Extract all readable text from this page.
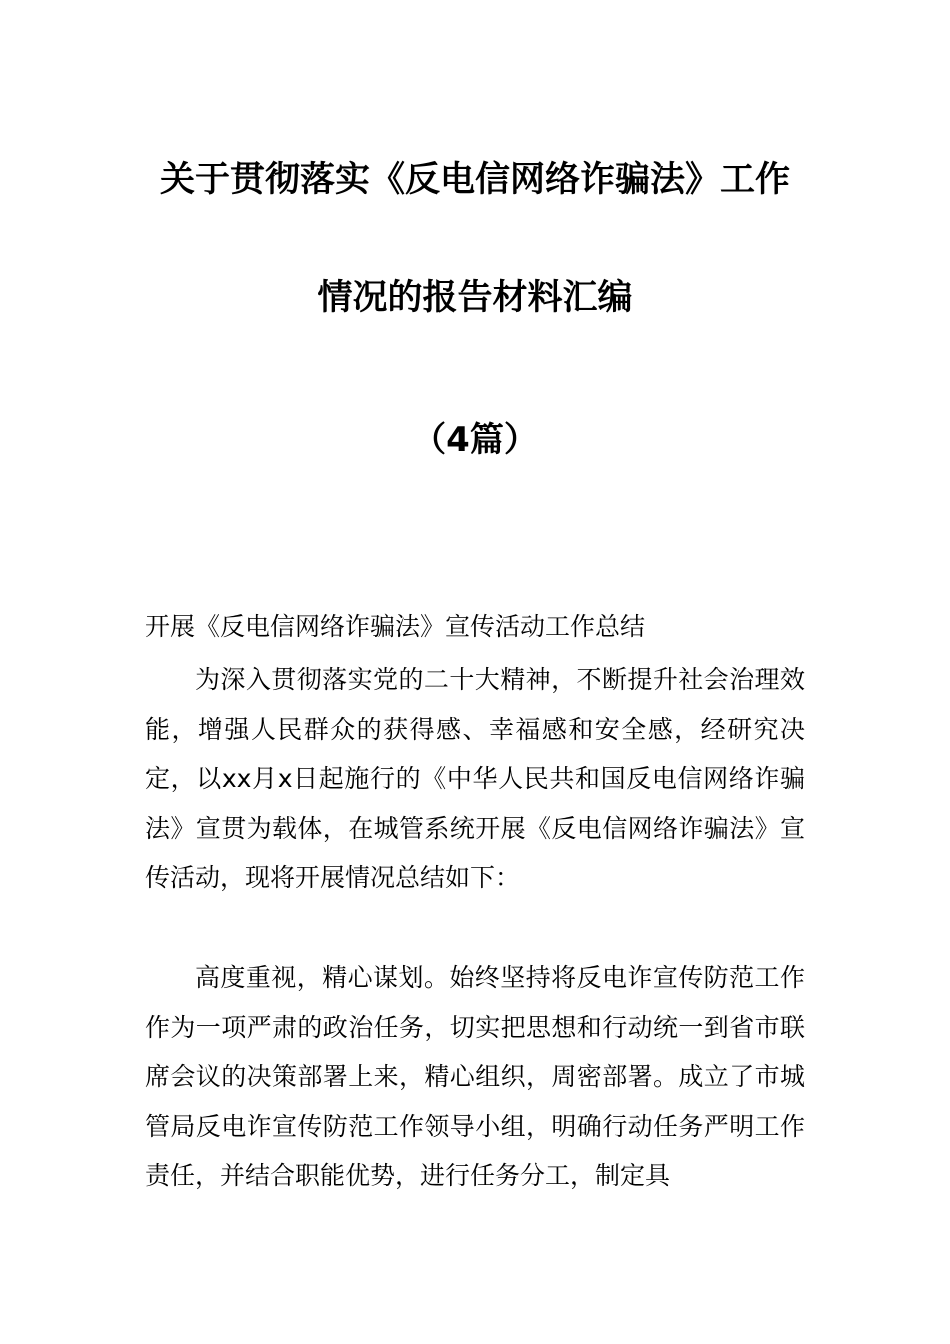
关于贯彻落实《反电信网络诈骗法》工作
情况的报告材料汇编
（4篇）
开展《反电信网络诈骗法》宣传活动工作总结

为深入贯彻落实党的二十大精神，不断提升社会治理效能，增强人民群众的获得感、幸福感和安全感，经研究决定，以xx月x日起施行的《中华人民共和国反电信网络诈骗法》宣贯为载体，在城管系统开展《反电信网络诈骗法》宣传活动，现将开展情况总结如下：

高度重视，精心谋划。始终坚持将反电诈宣传防范工作作为一项严肃的政治任务，切实把思想和行动统一到省市联席会议的决策部署上来，精心组织，周密部署。成立了市城管局反电诈宣传防范工作领导小组，明确行动任务严明工作责任，并结合职能优势，进行任务分工，制定具
